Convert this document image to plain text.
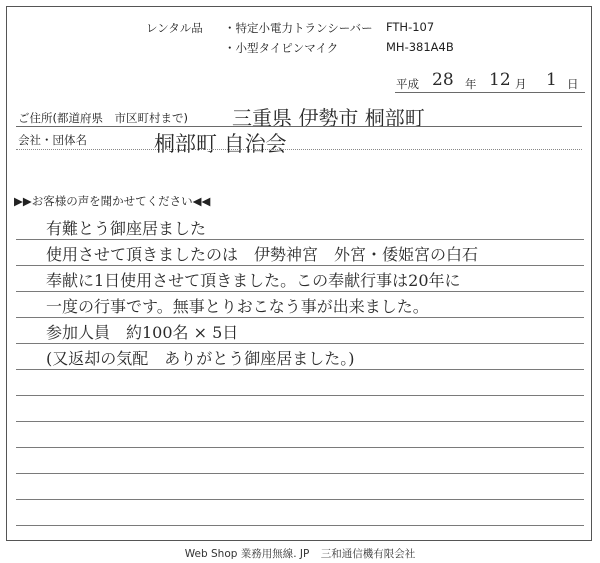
レンタル品 ・特定小電力トランシーバー FTH-107
・小型タイピンマイク	MH-381A4B
平成 28 年 12 月 1 日
ご住所(都道府県　市区町村まで) 三重県 伊勢市 桐部町
会社・団体名	桐部町 自治会
▶▶お客様の声を聞かせてください◀◀
有難とう御座居ました
使用させて頂きましたのは　伊勢神宮　外宮・倭姫宮の白石
奉献に1日使用させて頂きました。この奉献行事は20年に
一度の行事です。無事とりおこなう事が出来ました。
参加人員　約100名 × 5日
(又返却の気配　ありがとう御座居ました。)
Web Shop 業務用無線. JP 三和通信機有限会社
